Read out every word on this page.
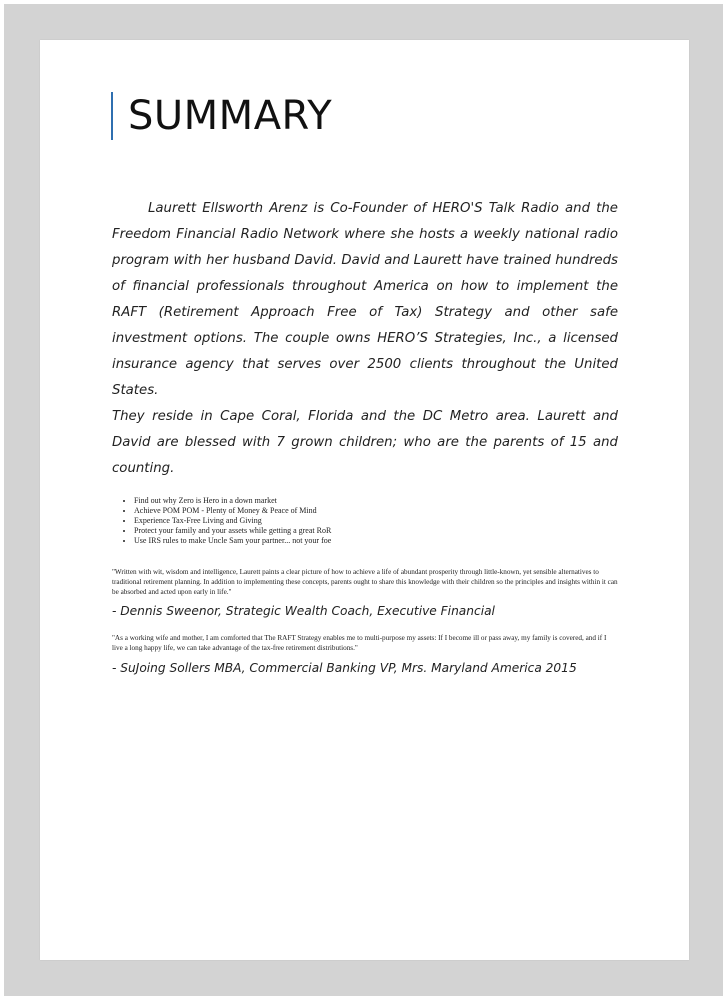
SUMMARY

Laurett Ellsworth Arenz is Co-Founder of HERO'S Talk Radio and the Freedom Financial Radio Network where she hosts a weekly national radio program with her husband David. David and Laurett have trained hundreds of financial professionals throughout America on how to implement the RAFT (Retirement Approach Free of Tax) Strategy and other safe investment options. The couple owns HERO’S Strategies, Inc., a licensed insurance agency that serves over 2500 clients throughout the United States.

They reside in Cape Coral, Florida and the DC Metro area. Laurett and David are blessed with 7 grown children; who are the parents of 15 and counting.

• Find out why Zero is Hero in a down market
• Achieve POM POM - Plenty of Money & Peace of Mind
• Experience Tax-Free Living and Giving
• Protect your family and your assets while getting a great RoR
• Use IRS rules to make Uncle Sam your partner... not your foe
"Written with wit, wisdom and intelligence, Laurett paints a clear picture of how to achieve a life of abundant prosperity through little-known, yet sensible alternatives to traditional retirement planning. In addition to implementing these concepts, parents ought to share this knowledge with their children so the principles and insights within it can be absorbed and acted upon early in life."
- Dennis Sweenor, Strategic Wealth Coach, Executive Financial
"As a working wife and mother, I am comforted that The RAFT Strategy enables me to multi-purpose my assets: If I become ill or pass away, my family is covered, and if I live a long happy life, we can take advantage of the tax-free retirement distributions."
- SuJoing Sollers MBA, Commercial Banking VP, Mrs. Maryland America 2015
